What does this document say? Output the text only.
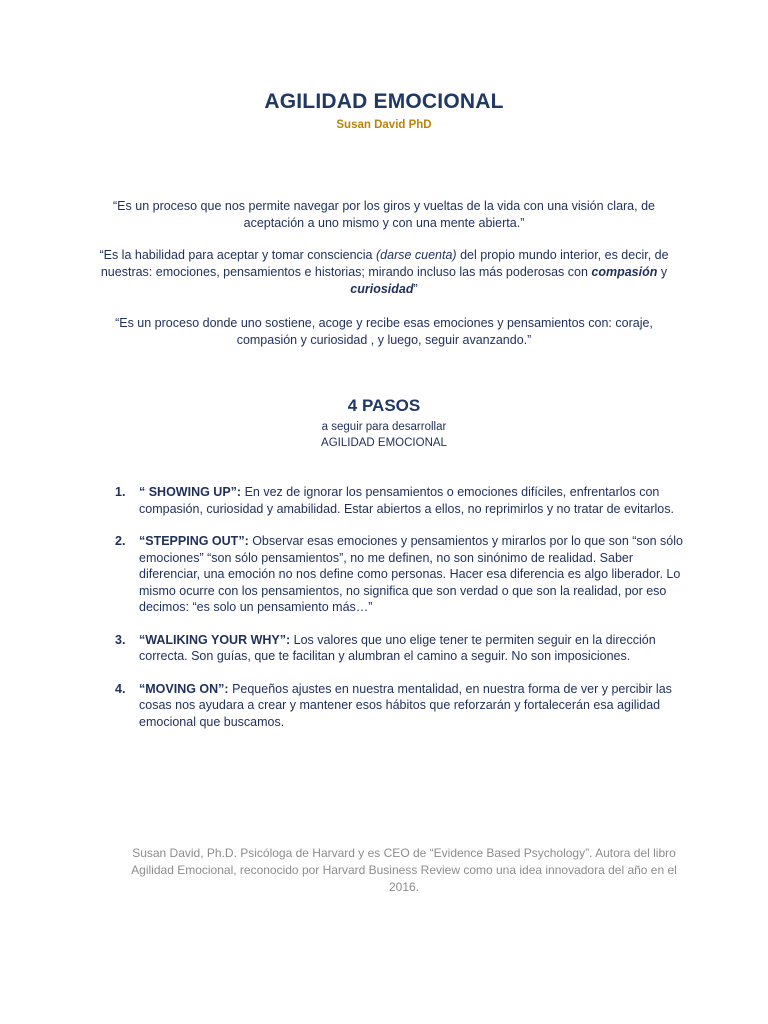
AGILIDAD EMOCIONAL
Susan David PhD

“Es un proceso que nos permite navegar por los giros y vueltas de la vida con una visión clara, de aceptación a uno mismo y con una mente abierta.”

“Es la habilidad para aceptar y tomar consciencia (darse cuenta) del propio mundo interior, es decir, de nuestras: emociones, pensamientos e historias; mirando incluso las más poderosas con compasión y curiosidad”

“Es un proceso donde uno sostiene, acoge y recibe esas emociones y pensamientos con: coraje, compasión y curiosidad , y luego, seguir avanzando.”

4 PASOS
a seguir para desarrollar
AGILIDAD EMOCIONAL
1. “ SHOWING UP”: En vez de ignorar los pensamientos o emociones difíciles, enfrentarlos con compasión, curiosidad y amabilidad. Estar abiertos a ellos, no reprimirlos y no tratar de evitarlos.
2. “STEPPING OUT”: Observar esas emociones y pensamientos y mirarlos por lo que son “son sólo emociones” “son sólo pensamientos”, no me definen, no son sinónimo de realidad. Saber diferenciar, una emoción no nos define como personas. Hacer esa diferencia es algo liberador. Lo mismo ocurre con los pensamientos, no significa que son verdad o que son la realidad, por eso decimos: “es solo un pensamiento más…”
3. “WALIKING YOUR WHY”: Los valores que uno elige tener te permiten seguir en la dirección correcta. Son guías, que te facilitan y alumbran el camino a seguir. No son imposiciones.
4. “MOVING ON”: Pequeños ajustes en nuestra mentalidad, en nuestra forma de ver y percibir las cosas nos ayudara a crear y mantener esos hábitos que reforzarán y fortalecerán esa agilidad emocional que buscamos.
Susan David, Ph.D. Psicóloga de Harvard y es CEO de “Evidence Based Psychology”. Autora del libro Agilidad Emocional, reconocido por Harvard Business Review como una idea innovadora del año en el 2016.
